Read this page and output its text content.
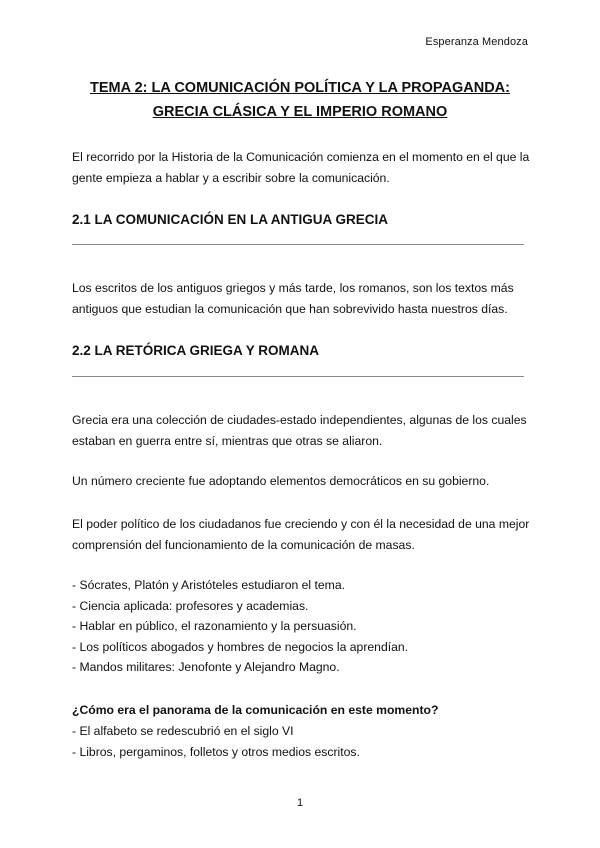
Esperanza Mendoza
TEMA 2: LA COMUNICACIÓN POLÍTICA Y LA PROPAGANDA:
GRECIA CLÁSICA Y EL IMPERIO ROMANO
El recorrido por la Historia de la Comunicación comienza en el momento en el que la
gente empieza a hablar y a escribir sobre la comunicación.
2.1 LA COMUNICACIÓN EN LA ANTIGUA GRECIA
Los escritos de los antiguos griegos y más tarde, los romanos, son los textos más
antiguos que estudian la comunicación que han sobrevivido hasta nuestros días.
2.2 LA RETÓRICA GRIEGA Y ROMANA
Grecia era una colección de ciudades-estado independientes, algunas de los cuales
estaban en guerra entre sí, mientras que otras se aliaron.
Un número creciente fue adoptando elementos democráticos en su gobierno.
El poder político de los ciudadanos fue creciendo y con él la necesidad de una mejor
comprensión del funcionamiento de la comunicación de masas.
- Sócrates, Platón y Aristóteles estudiaron el tema.
- Ciencia aplicada: profesores y academias.
- Hablar en público, el razonamiento y la persuasión.
- Los políticos abogados y hombres de negocios la aprendían.
- Mandos militares: Jenofonte y Alejandro Magno.
¿Cómo era el panorama de la comunicación en este momento?
- El alfabeto se redescubrió en el siglo VI
- Libros, pergaminos, folletos y otros medios escritos.
1
